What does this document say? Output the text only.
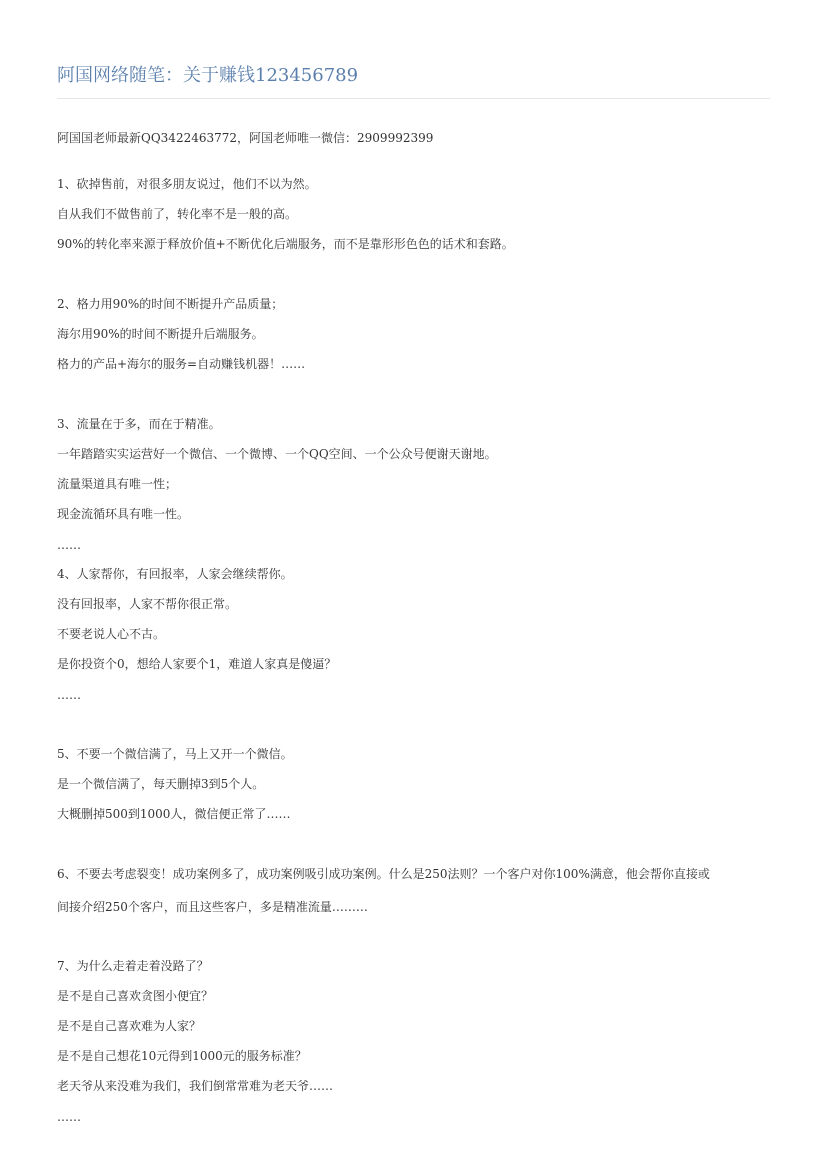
阿国网络随笔：关于赚钱123456789
阿国国老师最新QQ3422463772，阿国老师唯一微信：2909992399
1、砍掉售前，对很多朋友说过，他们不以为然。
自从我们不做售前了，转化率不是一般的高。
90%的转化率来源于释放价值+不断优化后端服务，而不是靠形形色色的话术和套路。
2、格力用90%的时间不断提升产品质量；
海尔用90%的时间不断提升后端服务。
格力的产品+海尔的服务=自动赚钱机器！……
3、流量在于多，而在于精准。
一年踏踏实实运营好一个微信、一个微博、一个QQ空间、一个公众号便谢天谢地。
流量渠道具有唯一性；
现金流循环具有唯一性。
……
4、人家帮你，有回报率，人家会继续帮你。
没有回报率，人家不帮你很正常。
不要老说人心不古。
是你投资个0，想给人家要个1，难道人家真是傻逼？
……
5、不要一个微信满了，马上又开一个微信。
是一个微信满了，每天删掉3到5个人。
大概删掉500到1000人，微信便正常了……
6、不要去考虑裂变！成功案例多了，成功案例吸引成功案例。什么是250法则？一个客户对你100%满意，他会帮你直接或
间接介绍250个客户，而且这些客户，多是精准流量………
7、为什么走着走着没路了？
是不是自己喜欢贪图小便宜？
是不是自己喜欢难为人家？
是不是自己想花10元得到1000元的服务标准？
老天爷从来没难为我们，我们倒常常难为老天爷……
……
